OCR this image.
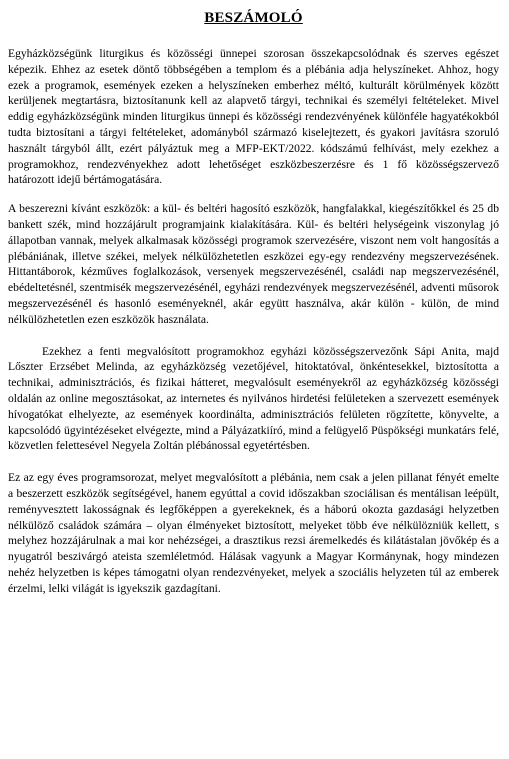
BESZÁMOLÓ

Egyházközségünk liturgikus és közösségi ünnepei szorosan összekapcsolódnak és szerves egészet képezik. Ehhez az esetek döntő többségében a templom és a plébánia adja helyszíneket. Ahhoz, hogy ezek a programok, események ezeken a helyszíneken emberhez méltó, kulturált körülmények között kerüljenek megtartásra, biztosítanunk kell az alapvető tárgyi, technikai és személyi feltételeket. Mivel eddig egyházközségünk minden liturgikus ünnepi és közösségi rendezvényének különféle hagyatékokból tudta biztosítani a tárgyi feltételeket, adományból származó kiselejtezett, és gyakori javításra szoruló használt tárgyból állt, ezért pályáztuk meg a MFP-EKT/2022. kódszámú felhívást, mely ezekhez a programokhoz, rendezvényekhez adott lehetőséget eszközbeszerzésre és 1 fő közösségszervező határozott idejű bértámogatására.

A beszerezni kívánt eszközök: a kül- és beltéri hagosító eszközök, hangfalakkal, kiegészítőkkel és 25 db bankett szék, mind hozzájárult programjaink kialakítására. Kül- és beltéri helységeink viszonylag jó állapotban vannak, melyek alkalmasak közösségi programok szervezésére, viszont nem volt hangosítás a plébániának, illetve székei, melyek nélkülözhetetlen eszközei egy-egy rendezvény megszervezésének. Hittantáborok, kézműves foglalkozások, versenyek megszervezésénél, családi nap megszervezésénél, ebédeltetésnél, szentmisék megszervezésénél, egyházi rendezvények megszervezésénél, adventi műsorok megszervezésénél és hasonló eseményeknél, akár együtt használva, akár külön - külön, de mind nélkülözhetetlen ezen eszközök használata.

Ezekhez a fenti megvalósított programokhoz egyházi közösségszervezőnk Sápi Anita, majd Lőszter Erzsébet Melinda, az egyházközség vezetőjével, hitoktatóval, önkéntesekkel, biztosította a technikai, adminisztrációs, és fizikai hátteret, megvalósult eseményekről az egyházközség közösségi oldalán az online megosztásokat, az internetes és nyilvános hirdetési felületeken a szervezett események hívogatókat elhelyezte, az események koordinálta, adminisztrációs felületen rögzítette, könyvelte, a kapcsolódó ügyintézéseket elvégezte, mind a Pályázatkiíró, mind a felügyelő Püspökségi munkatárs felé, közvetlen felettesével Negyela Zoltán plébánossal egyetértésben.

Ez az egy éves programsorozat, melyet megvalósított a plébánia, nem csak a jelen pillanat fényét emelte a beszerzett eszközök segítségével, hanem egyúttal a covid időszakban szociálisan és mentálisan leépült, reményvesztett lakosságnak és legfőképpen a gyerekeknek, és a háború okozta gazdasági helyzetben nélkülöző családok számára – olyan élményeket biztosított, melyeket több éve nélkülözniük kellett, s melyhez hozzájárulnak a mai kor nehézségei, a drasztikus rezsi áremelkedés és kilátástalan jövőkép és a nyugatról beszivárgó ateista szemléletmód. Hálásak vagyunk a Magyar Kormánynak, hogy mindezen nehéz helyzetben is képes támogatni olyan rendezvényeket, melyek a szociális helyzeten túl az emberek érzelmi, lelki világát is igyekszik gazdagítani.
